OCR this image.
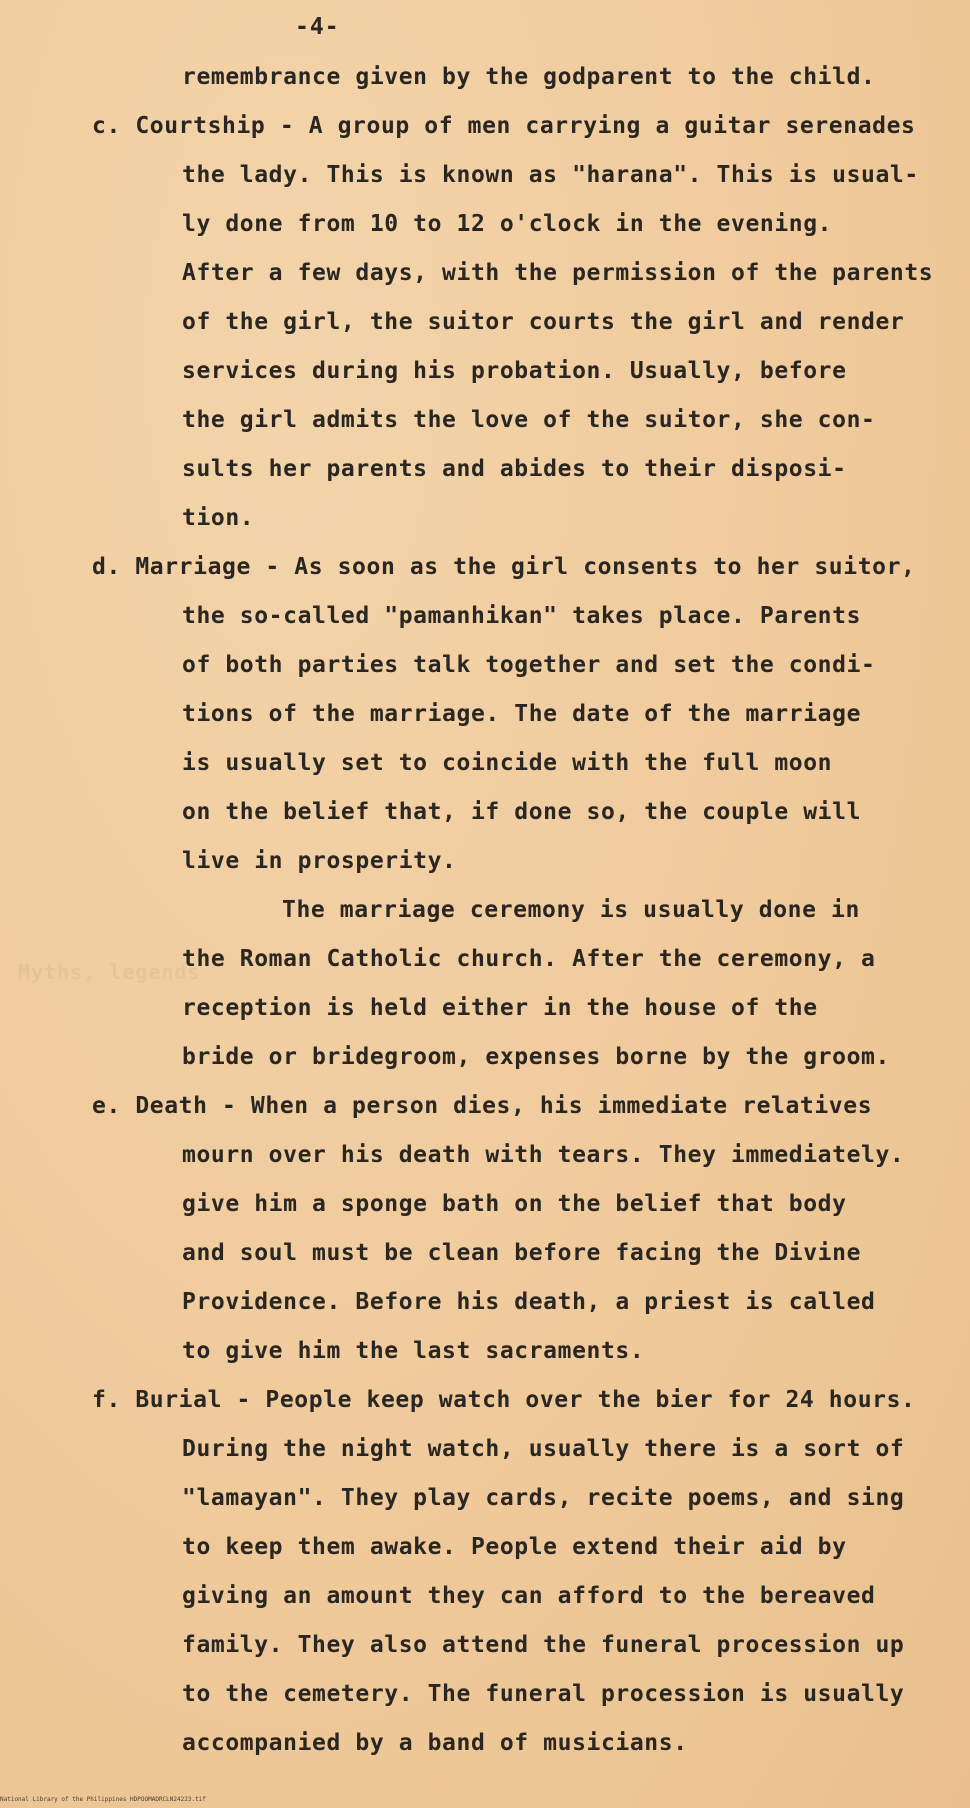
Myths, legends
-4-
remembrance given by the godparent to the child.
c. Courtship - A group of men carrying a guitar serenades
the lady. This is known as "harana". This is usual-
ly done from 10 to 12 o'clock in the evening.
After a few days, with the permission of the parents
of the girl, the suitor courts the girl and render
services during his probation. Usually, before
the girl admits the love of the suitor, she con-
sults her parents and abides to their disposi-
tion.
d. Marriage - As soon as the girl consents to her suitor,
the so-called "pamanhikan" takes place. Parents
of both parties talk together and set the condi-
tions of the marriage. The date of the marriage
is usually set to coincide with the full moon
on the belief that, if done so, the couple will
live in prosperity.
The marriage ceremony is usually done in
the Roman Catholic church. After the ceremony, a
reception is held either in the house of the
bride or bridegroom, expenses borne by the groom.
e. Death - When a person dies, his immediate relatives
mourn over his death with tears. They immediately.
give him a sponge bath on the belief that body
and soul must be clean before facing the Divine
Providence. Before his death, a priest is called
to give him the last sacraments.
f. Burial - People keep watch over the bier for 24 hours.
During the night watch, usually there is a sort of
"lamayan". They play cards, recite poems, and sing
to keep them awake. People extend their aid by
giving an amount they can afford to the bereaved
family. They also attend the funeral procession up
to the cemetery. The funeral procession is usually
accompanied by a band of musicians.
National Library of the Philippines HDPOOMADRCLN24223.tif
